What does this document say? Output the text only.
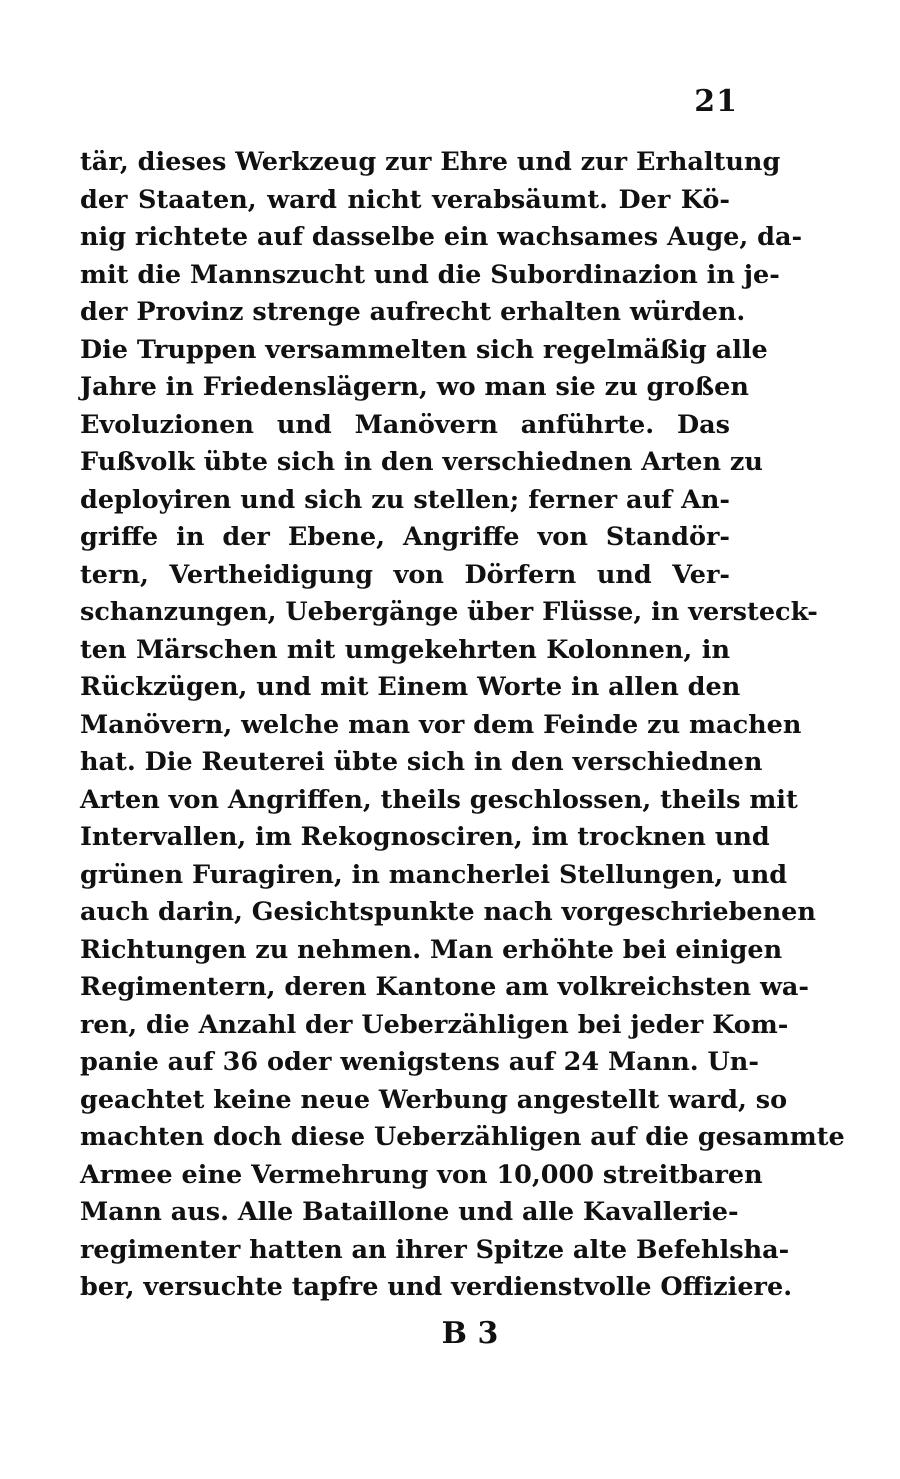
21
tär, dieses Werkzeug zur Ehre und zur Erhaltung
der Staaten, ward nicht verabsäumt. Der Kö-
nig richtete auf dasselbe ein wachsames Auge, da-
mit die Mannszucht und die Subordinazion in je-
der Provinz strenge aufrecht erhalten würden.
Die Truppen versammelten sich regelmäßig alle
Jahre in Friedenslägern, wo man sie zu großen
Evoluzionen und Manövern anführte. Das
Fußvolk übte sich in den verschiednen Arten zu
deployiren und sich zu stellen; ferner auf An-
griffe in der Ebene, Angriffe von Standör-
tern, Vertheidigung von Dörfern und Ver-
schanzungen, Uebergänge über Flüsse, in versteck-
ten Märschen mit umgekehrten Kolonnen, in
Rückzügen, und mit Einem Worte in allen den
Manövern, welche man vor dem Feinde zu machen
hat. Die Reuterei übte sich in den verschiednen
Arten von Angriffen, theils geschlossen, theils mit
Intervallen, im Rekognosciren, im trocknen und
grünen Furagiren, in mancherlei Stellungen, und
auch darin, Gesichtspunkte nach vorgeschriebenen
Richtungen zu nehmen. Man erhöhte bei einigen
Regimentern, deren Kantone am volkreichsten wa-
ren, die Anzahl der Ueberzähligen bei jeder Kom-
panie auf 36 oder wenigstens auf 24 Mann. Un-
geachtet keine neue Werbung angestellt ward, so
machten doch diese Ueberzähligen auf die gesammte
Armee eine Vermehrung von 10,000 streitbaren
Mann aus. Alle Bataillone und alle Kavallerie-
regimenter hatten an ihrer Spitze alte Befehlsha-
ber, versuchte tapfre und verdienstvolle Offiziere.
B 3
